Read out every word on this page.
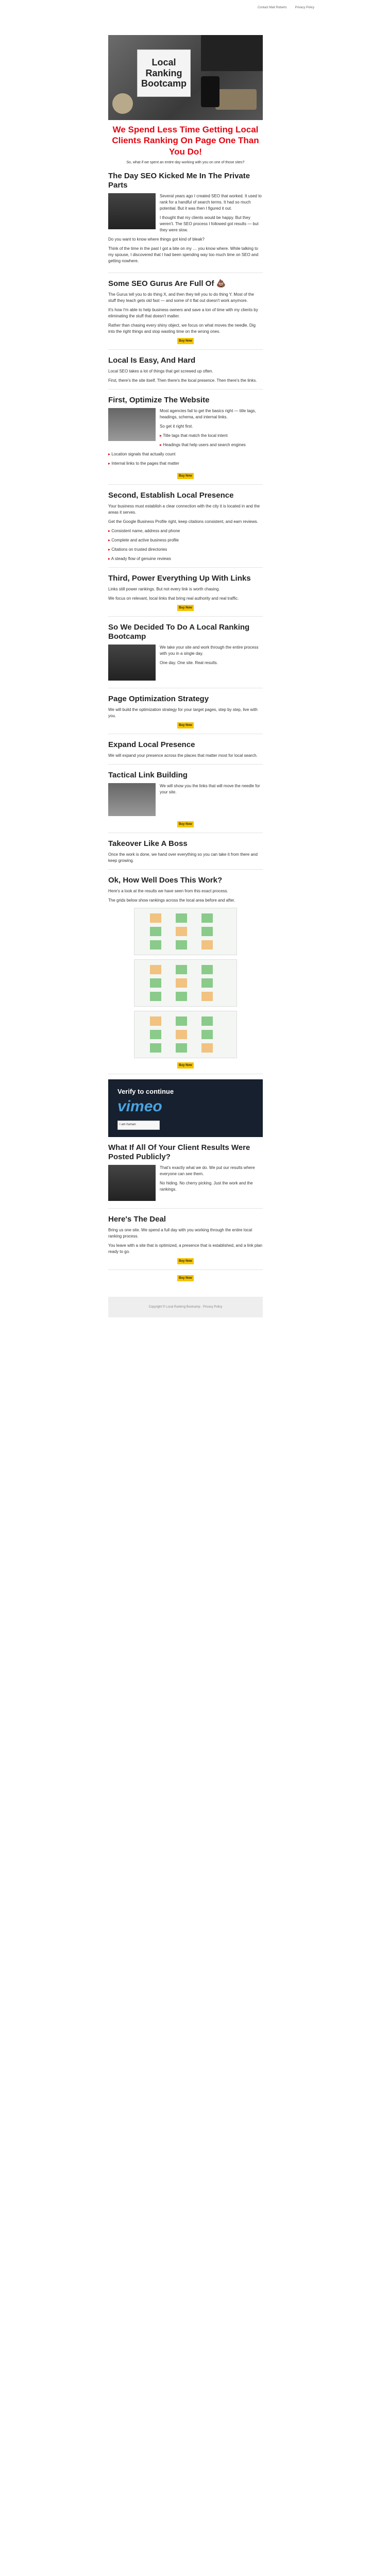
Contact Matt Roberts	Privacy Policy
Local Ranking Bootcamp
We Spend Less Time Getting Local Clients Ranking On Page One Than You Do!
So, what if we spent an entire day working with you on one of those sites?
The Day SEO Kicked Me In The Private Parts

Several years ago I created SEO that worked. It used to rank for a handful of search terms. It had so much potential. But it was then I figured it out.

I thought that my clients would be happy. But they weren't. The SEO process I followed got results — but they were slow.

Do you want to know where things got kind of bleak?

Think of the time in the past I got a bite on my … you know where. While talking to my spouse, I discovered that I had been spending way too much time on SEO and getting nowhere.

Some SEO Gurus Are Full Of 💩

The Gurus tell you to do thing X, and then they tell you to do thing Y. Most of the stuff they teach gets old fast — and some of it flat out doesn't work anymore.

It's how I'm able to help business owners and save a ton of time with my clients by eliminating the stuff that doesn't matter.

Rather than chasing every shiny object, we focus on what moves the needle. Dig into the right things and stop wasting time on the wrong ones.

Buy Now
Local Is Easy, And Hard

Local SEO takes a lot of things that get screwed up often.

First, there's the site itself. Then there's the local presence. Then there's the links.

First, Optimize The Website

Most agencies fail to get the basics right — title tags, headings, schema, and internal links.

So get it right first.

▸ Title tags that match the local intent

▸ Headings that help users and search engines

▸ Location signals that actually count

▸ Internal links to the pages that matter

Buy Now
Second, Establish Local Presence

Your business must establish a clear connection with the city it is located in and the areas it serves.

Get the Google Business Profile right, keep citations consistent, and earn reviews.

▸ Consistent name, address and phone

▸ Complete and active business profile

▸ Citations on trusted directories

▸ A steady flow of genuine reviews

Third, Power Everything Up With Links

Links still power rankings. But not every link is worth chasing.

We focus on relevant, local links that bring real authority and real traffic.

Buy Now
So We Decided To Do A Local Ranking Bootcamp

We take your site and work through the entire process with you in a single day.

One day. One site. Real results.

Page Optimization Strategy

We will build the optimization strategy for your target pages, step by step, live with you.

Buy Now
Expand Local Presence

We will expand your presence across the places that matter most for local search.

Tactical Link Building

We will show you the links that will move the needle for your site.

Buy Now
Takeover Like A Boss

Once the work is done, we hand over everything so you can take it from there and keep growing.

Ok, How Well Does This Work?

Here's a look at the results we have seen from this exact process.

The grids below show rankings across the local area before and after.

Buy Now
Verify to continue
vimeo
I am human
What If All Of Your Client Results Were Posted Publicly?

That's exactly what we do. We put our results where everyone can see them.

No hiding. No cherry picking. Just the work and the rankings.

Here's The Deal

Bring us one site. We spend a full day with you working through the entire local ranking process.

You leave with a site that is optimized, a presence that is established, and a link plan ready to go.

Buy Now
Buy Now
Copyright © Local Ranking Bootcamp · Privacy Policy
